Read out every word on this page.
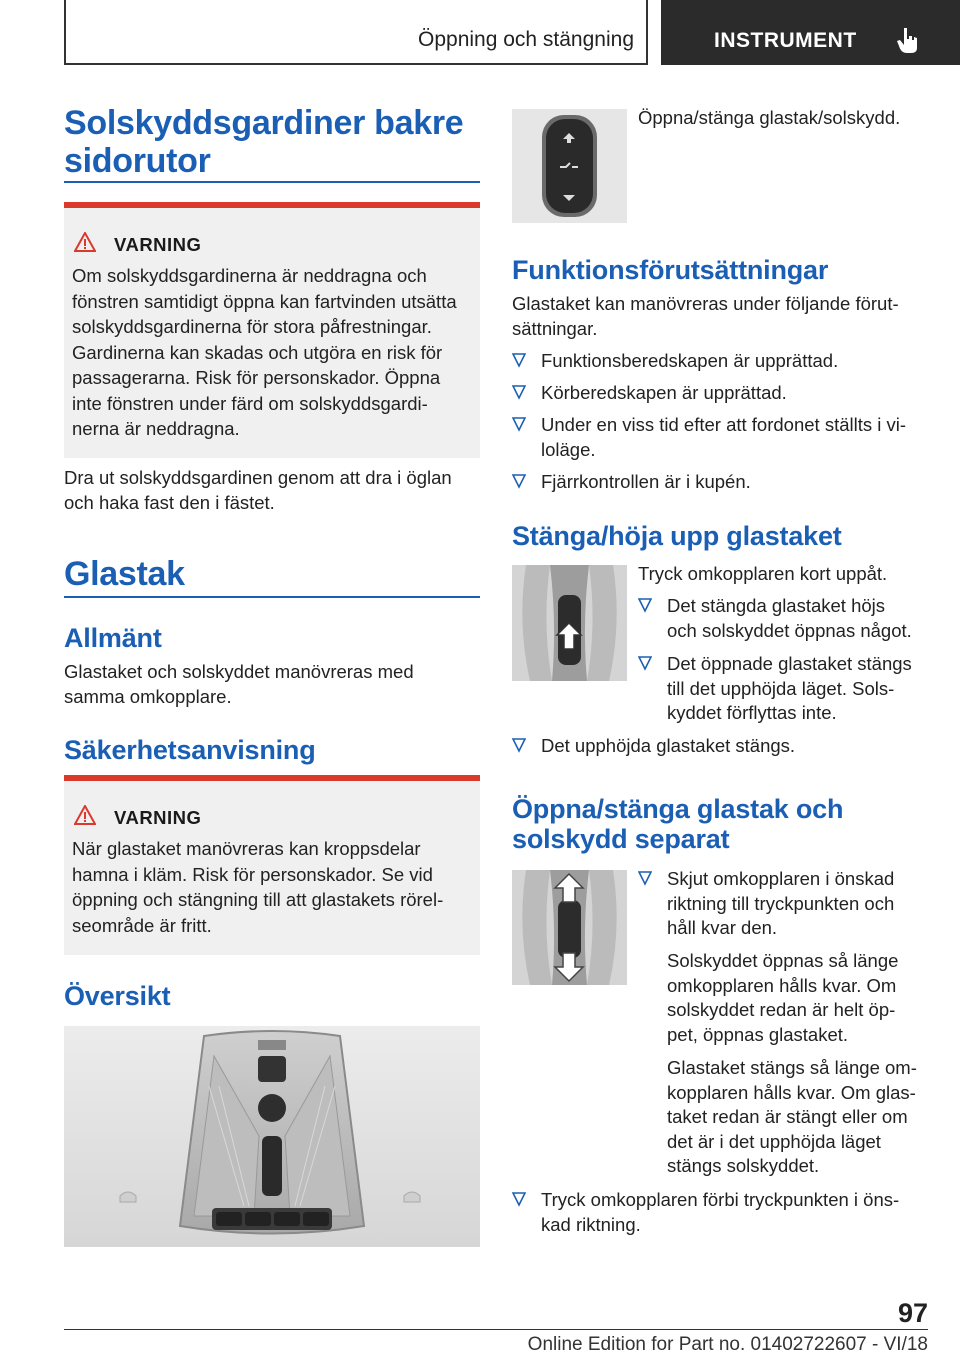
Öppning och stängning	INSTRUMENT
Solskyddsgardiner bakre
sidorutor
VARNING
Om solskyddsgardinerna är neddragna och
fönstren samtidigt öppna kan fartvinden utsätta
solskyddsgardinerna för stora påfrestningar.
Gardinerna kan skadas och utgöra en risk för
passagerarna. Risk för personskador. Öppna
inte fönstren under färd om solskyddsgardi-
nerna är neddragna.
Dra ut solskyddsgardinen genom att dra i öglan
och haka fast den i fästet.
Glastak
Allmänt
Glastaket och solskyddet manövreras med
samma omkopplare.
Säkerhetsanvisning
VARNING
När glastaket manövreras kan kroppsdelar
hamna i kläm. Risk för personskador. Se vid
öppning och stängning till att glastakets rörel-
seområde är fritt.
Översikt
Öppna/stänga glastak/solskydd.
Funktionsförutsättningar
Glastaket kan manövreras under följande förut-
sättningar.
Funktionsberedskapen är upprättad.
Körberedskapen är upprättad.
Under en viss tid efter att fordonet ställts i vi-
loläge.
Fjärrkontrollen är i kupén.
Stänga/höja upp glastaket
Tryck omkopplaren kort uppåt.
Det stängda glastaket höjs
och solskyddet öppnas något.
Det öppnade glastaket stängs
till det upphöjda läget. Sols-
kyddet förflyttas inte.
Det upphöjda glastaket stängs.
Öppna/stänga glastak och
solskydd separat
Skjut omkopplaren i önskad
riktning till tryckpunkten och
håll kvar den.
Solskyddet öppnas så länge
omkopplaren hålls kvar. Om
solskyddet redan är helt öp-
pet, öppnas glastaket.
Glastaket stängs så länge om-
kopplaren hålls kvar. Om glas-
taket redan är stängt eller om
det är i det upphöjda läget
stängs solskyddet.
Tryck omkopplaren förbi tryckpunkten i öns-
kad riktning.
97
Online Edition for Part no. 01402722607 - VI/18
